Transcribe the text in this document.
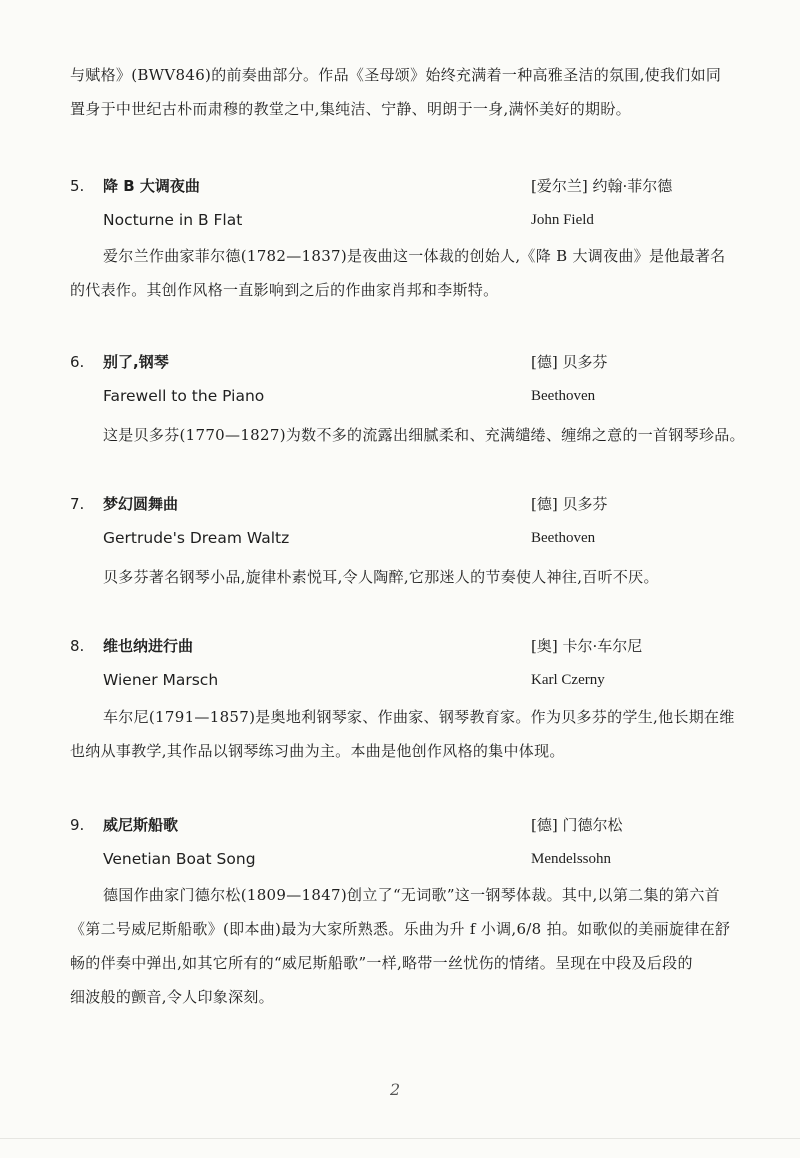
与赋格》(BWV846)的前奏曲部分。作品《圣母颂》始终充满着一种高雅圣洁的氛围,使我们如同
置身于中世纪古朴而肃穆的教堂之中,集纯洁、宁静、明朗于一身,满怀美好的期盼。

5. 降 B 大调夜曲
Nocturne in B Flat
[爱尔兰] 约翰·菲尔德
John Field

爱尔兰作曲家菲尔德(1782—1837)是夜曲这一体裁的创始人,《降 B 大调夜曲》是他最著名
的代表作。其创作风格一直影响到之后的作曲家肖邦和李斯特。

6. 别了,钢琴
Farewell to the Piano
[德] 贝多芬
Beethoven

这是贝多芬(1770—1827)为数不多的流露出细腻柔和、充满缱绻、缠绵之意的一首钢琴珍品。

7. 梦幻圆舞曲
Gertrude's Dream Waltz
[德] 贝多芬
Beethoven

贝多芬著名钢琴小品,旋律朴素悦耳,令人陶醉,它那迷人的节奏使人神往,百听不厌。

8. 维也纳进行曲
Wiener Marsch
[奥] 卡尔·车尔尼
Karl Czerny

车尔尼(1791—1857)是奥地利钢琴家、作曲家、钢琴教育家。作为贝多芬的学生,他长期在维
也纳从事教学,其作品以钢琴练习曲为主。本曲是他创作风格的集中体现。

9. 威尼斯船歌
Venetian Boat Song
[德] 门德尔松
Mendelssohn

德国作曲家门德尔松(1809—1847)创立了“无词歌”这一钢琴体裁。其中,以第二集的第六首
《第二号威尼斯船歌》(即本曲)最为大家所熟悉。乐曲为升 f 小调,6/8 拍。如歌似的美丽旋律在舒
畅的伴奏中弹出,如其它所有的“威尼斯船歌”一样,略带一丝忧伤的情绪。呈现在中段及后段的
细波般的颤音,令人印象深刻。

2
